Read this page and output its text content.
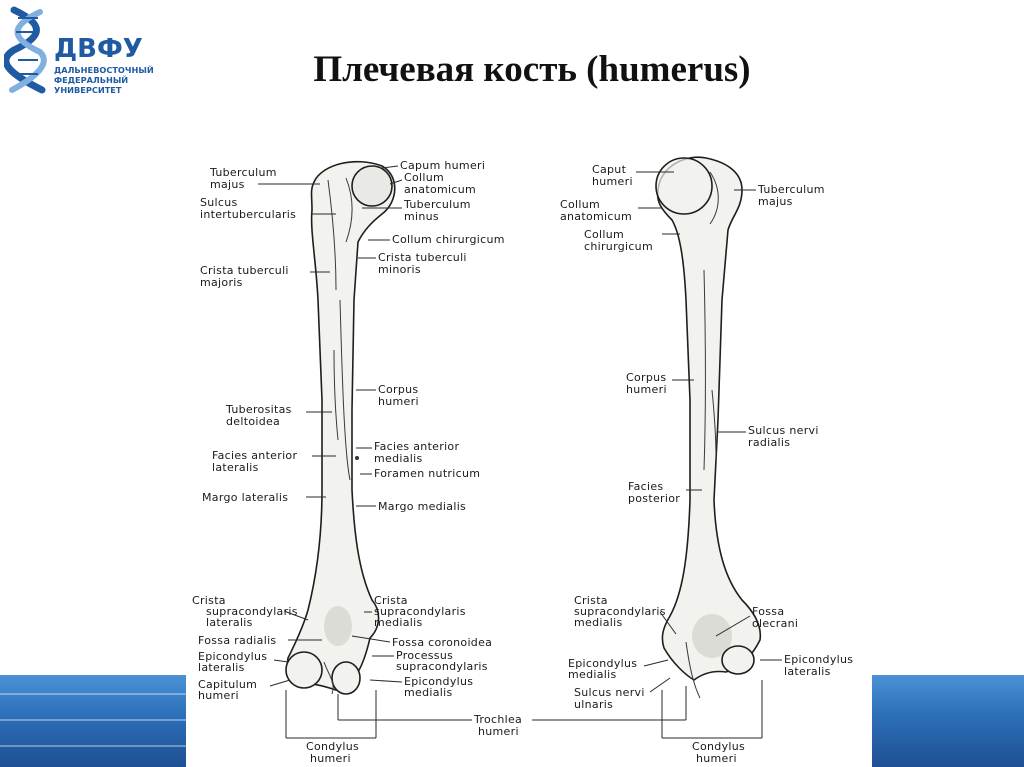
ДВФУ
ДАЛЬНЕВОСТОЧНЫЙ
ФЕДЕРАЛЬНЫЙ
УНИВЕРСИТЕТ	Плечевая кость (humerus)
Tuberculum
majus
Sulcus
intertubercularis
Crista tuberculi
majoris
Tuberositas
deltoidea
Facies anterior
lateralis
Margo lateralis
Crista
supracondylaris
lateralis
Fossa radialis
Epicondylus
lateralis
Capitulum
humeri
Capum humeri
Collum
anatomicum
Tuberculum
minus
Collum chirurgicum
Crista tuberculi
minoris
Corpus
humeri
Facies anterior
medialis
Foramen nutricum
Margo medialis
Crista
supracondylaris
medialis
Fossa coronoidea
Processus
supracondylaris
Epicondylus
medialis
Condylus
humeri
Trochlea
humeri
Caput
humeri
Collum
anatomicum
Collum
chirurgicum
Corpus
humeri
Facies
posterior
Crista
supracondylaris
medialis
Epicondylus
medialis
Sulcus nervi
ulnaris
Condylus
humeri
Tuberculum
majus
Sulcus nervi
radialis
Fossa
olecrani
Epicondylus
lateralis
